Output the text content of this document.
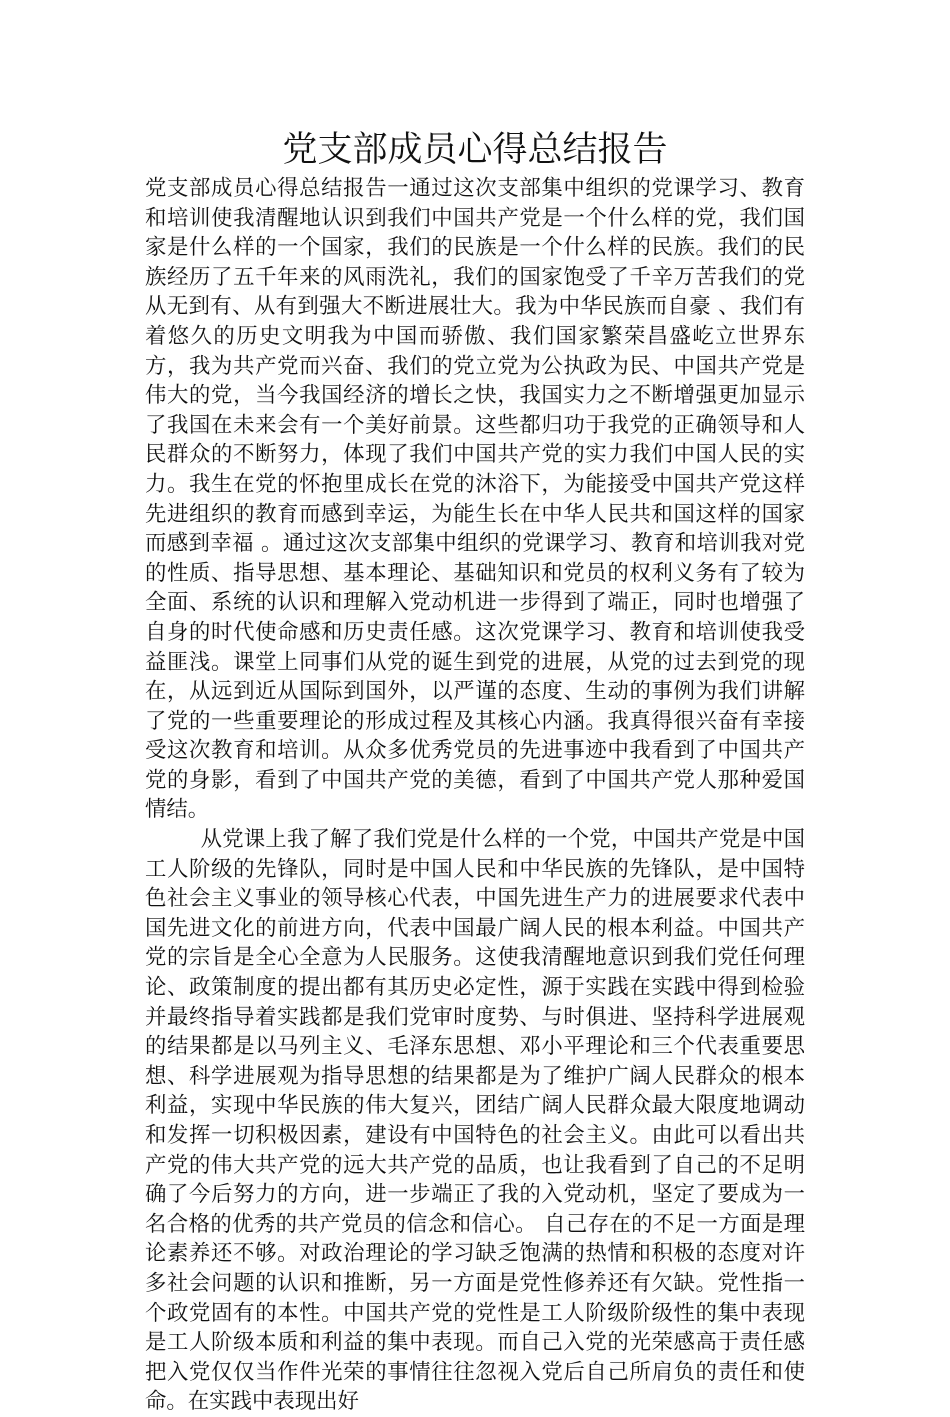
党支部成员心得总结报告

党支部成员心得总结报告一通过这次支部集中组织的党课学习、教育和培训使我清醒地认识到我们中国共产党是一个什么样的党，我们国家是什么样的一个国家，我们的民族是一个什么样的民族。我们的民族经历了五千年来的风雨洗礼，我们的国家饱受了千辛万苦我们的党从无到有、从有到强大不断进展壮大。我为中华民族而自豪 、我们有着悠久的历史文明我为中国而骄傲、我们国家繁荣昌盛屹立世界东方，我为共产党而兴奋、我们的党立党为公执政为民、中国共产党是伟大的党，当今我国经济的增长之快，我国实力之不断增强更加显示了我国在未来会有一个美好前景。这些都归功于我党的正确领导和人民群众的不断努力，体现了我们中国共产党的实力我们中国人民的实力。我生在党的怀抱里成长在党的沐浴下，为能接受中国共产党这样先进组织的教育而感到幸运，为能生长在中华人民共和国这样的国家而感到幸福 。通过这次支部集中组织的党课学习、教育和培训我对党的性质、指导思想、基本理论、基础知识和党员的权利义务有了较为全面、系统的认识和理解入党动机进一步得到了端正，同时也增强了自身的时代使命感和历史责任感。这次党课学习、教育和培训使我受益匪浅。课堂上同事们从党的诞生到党的进展，从党的过去到党的现在，从远到近从国际到国外，以严谨的态度、生动的事例为我们讲解了党的一些重要理论的形成过程及其核心内涵。我真得很兴奋有幸接受这次教育和培训。从众多优秀党员的先进事迹中我看到了中国共产党的身影，看到了中国共产党的美德，看到了中国共产党人那种爱国情结。

从党课上我了解了我们党是什么样的一个党，中国共产党是中国工人阶级的先锋队，同时是中国人民和中华民族的先锋队，是中国特色社会主义事业的领导核心代表，中国先进生产力的进展要求代表中国先进文化的前进方向，代表中国最广阔人民的根本利益。中国共产党的宗旨是全心全意为人民服务。这使我清醒地意识到我们党任何理论、政策制度的提出都有其历史必定性，源于实践在实践中得到检验并最终指导着实践都是我们党审时度势、与时俱进、坚持科学进展观的结果都是以马列主义、毛泽东思想、邓小平理论和三个代表重要思想、科学进展观为指导思想的结果都是为了维护广阔人民群众的根本利益，实现中华民族的伟大复兴，团结广阔人民群众最大限度地调动和发挥一切积极因素，建设有中国特色的社会主义。由此可以看出共产党的伟大共产党的远大共产党的品质，也让我看到了自己的不足明确了今后努力的方向，进一步端正了我的入党动机，坚定了要成为一名合格的优秀的共产党员的信念和信心。 自己存在的不足一方面是理论素养还不够。对政治理论的学习缺乏饱满的热情和积极的态度对许多社会问题的认识和推断，另一方面是党性修养还有欠缺。党性指一个政党固有的本性。中国共产党的党性是工人阶级阶级性的集中表现是工人阶级本质和利益的集中表现。而自己入党的光荣感高于责任感把入党仅仅当作件光荣的事情往往忽视入党后自己所肩负的责任和使命。在实践中表现出好
